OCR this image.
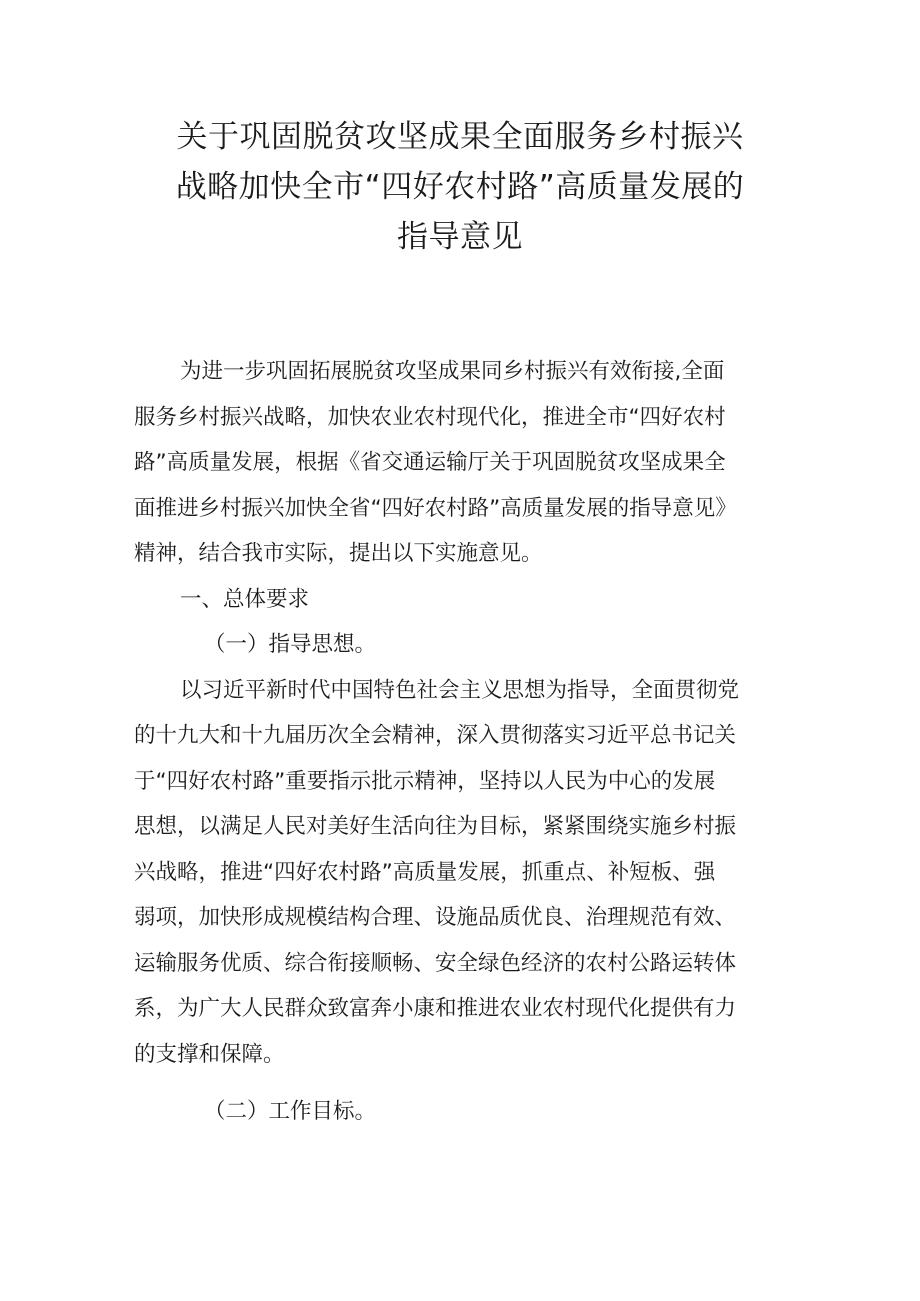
关于巩固脱贫攻坚成果全面服务乡村振兴
战略加快全市“四好农村路”高质量发展的
指导意见
为进一步巩固拓展脱贫攻坚成果同乡村振兴有效衔接,全面
服务乡村振兴战略，加快农业农村现代化，推进全市“四好农村
路”高质量发展，根据《省交通运输厅关于巩固脱贫攻坚成果全
面推进乡村振兴加快全省“四好农村路”高质量发展的指导意见》
精神，结合我市实际，提出以下实施意见。
一、总体要求
（一）指导思想。
以习近平新时代中国特色社会主义思想为指导，全面贯彻党
的十九大和十九届历次全会精神，深入贯彻落实习近平总书记关
于“四好农村路”重要指示批示精神，坚持以人民为中心的发展
思想，以满足人民对美好生活向往为目标，紧紧围绕实施乡村振
兴战略，推进“四好农村路”高质量发展，抓重点、补短板、强
弱项，加快形成规模结构合理、设施品质优良、治理规范有效、
运输服务优质、综合衔接顺畅、安全绿色经济的农村公路运转体
系，为广大人民群众致富奔小康和推进农业农村现代化提供有力
的支撑和保障。
（二）工作目标。
